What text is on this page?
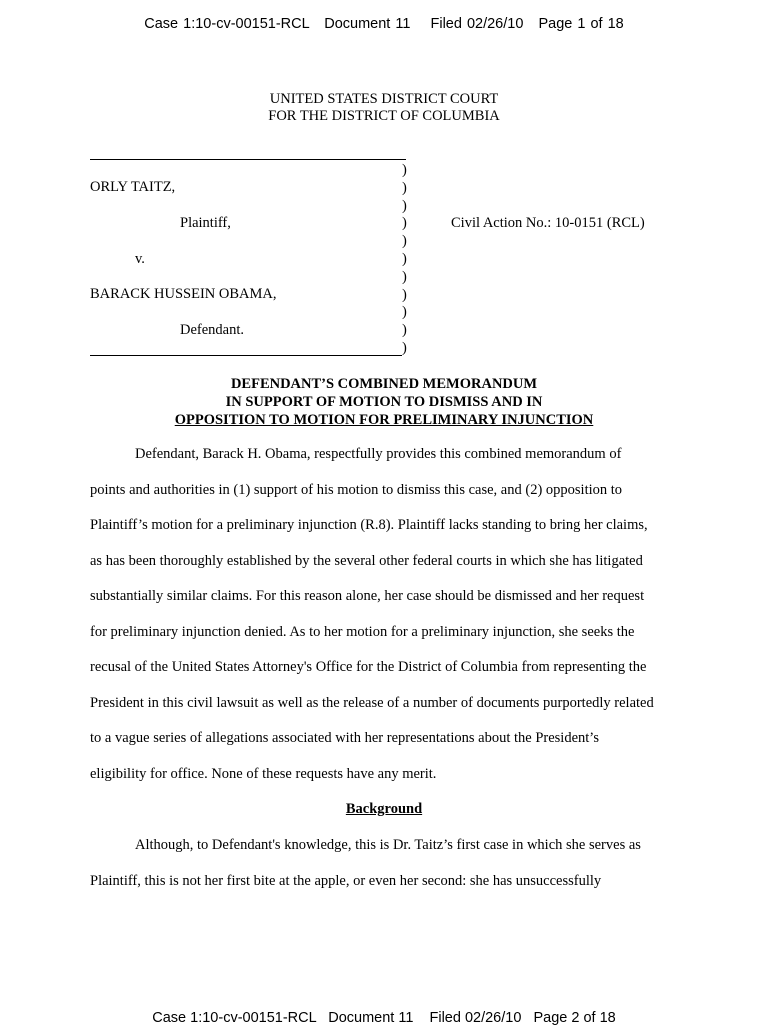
Case 1:10-cv-00151-RCL   Document 11    Filed 02/26/10   Page 1 of 18
UNITED STATES DISTRICT COURT
FOR THE DISTRICT OF COLUMBIA
)
)
)
)
)
)
)
)
)
)
)
ORLY TAITZ,
Plaintiff,	Civil Action No.: 10-0151 (RCL)
v.
BARACK HUSSEIN OBAMA,
Defendant.
DEFENDANT’S COMBINED MEMORANDUM
IN SUPPORT OF MOTION TO DISMISS AND IN
OPPOSITION TO MOTION FOR PRELIMINARY INJUNCTION
Defendant, Barack H. Obama, respectfully provides this combined memorandum of
points and authorities in (1) support of his motion to dismiss this case, and (2) opposition to
Plaintiff’s motion for a preliminary injunction (R.8). Plaintiff lacks standing to bring her claims,
as has been thoroughly established by the several other federal courts in which she has litigated
substantially similar claims. For this reason alone, her case should be dismissed and her request
for preliminary injunction denied. As to her motion for a preliminary injunction, she seeks the
recusal of the United States Attorney's Office for the District of Columbia from representing the
President in this civil lawsuit as well as the release of a number of documents purportedly related
to a vague series of allegations associated with her representations about the President’s
eligibility for office. None of these requests have any merit.
Background
Although, to Defendant's knowledge, this is Dr. Taitz’s first case in which she serves as
Plaintiff, this is not her first bite at the apple, or even her second: she has unsuccessfully
Case 1:10-cv-00151-RCL   Document 11    Filed 02/26/10   Page 2 of 18
